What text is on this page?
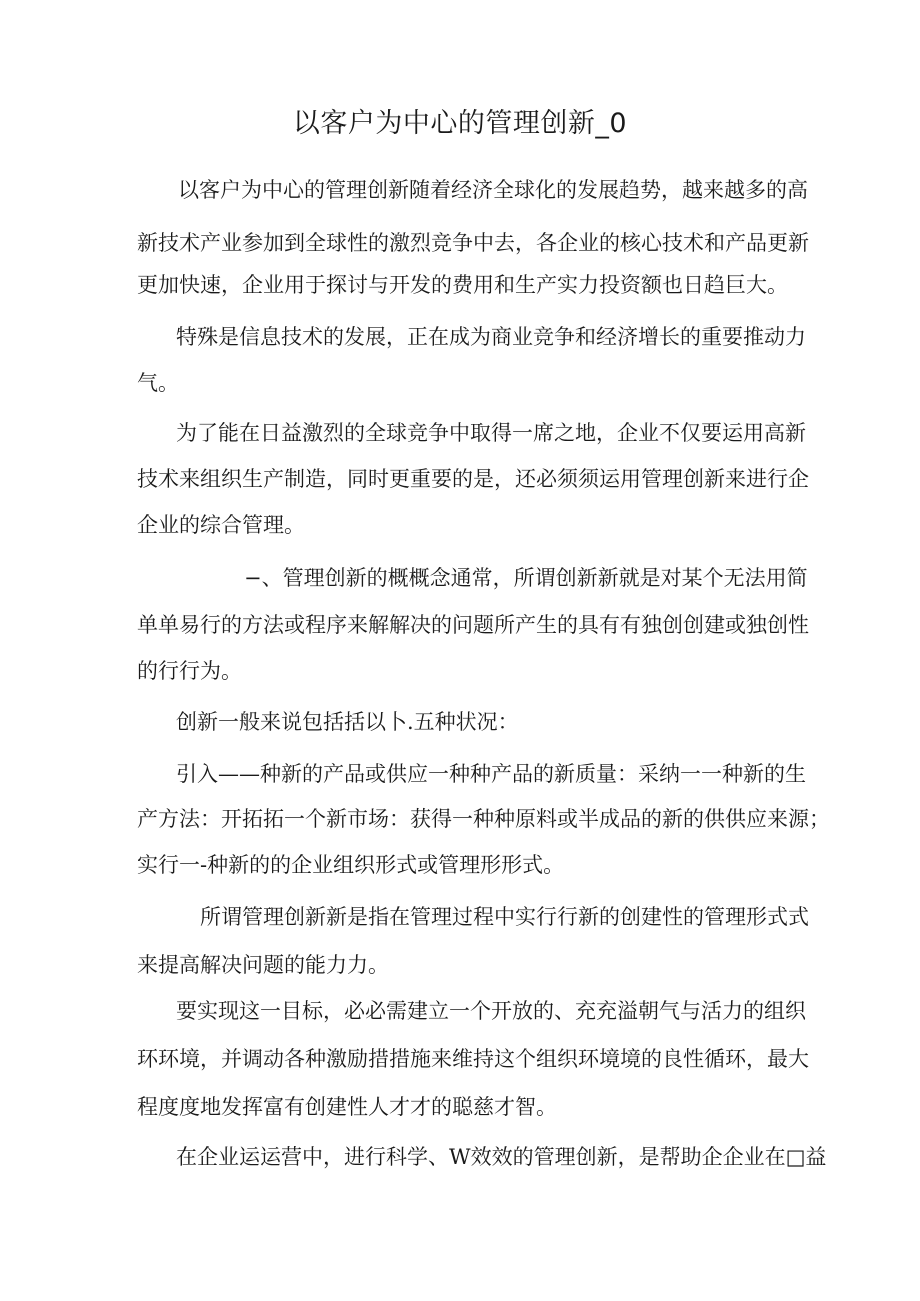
以客户为中心的管理创新_0

以客户为中心的管理创新随着经济全球化的发展趋势，越来越多的高

新技术产业参加到全球性的激烈竞争中去，各企业的核心技术和产品更新

更加快速，企业用于探讨与开发的费用和生产实力投资额也日趋巨大。

特殊是信息技术的发展，正在成为商业竞争和经济增长的重要推动力

气。

为了能在日益激烈的全球竞争中取得一席之地，企业不仅要运用高新

技术来组织生产制造，同时更重要的是，还必须须运用管理创新来进行企

企业的综合管理。

−、管理创新的概概念通常，所谓创新新就是对某个无法用简

单单易行的方法或程序来解解决的问题所产生的具有有独创创建或独创性

的行行为。

创新一般来说包括括以卜.五种状况：

引入——种新的产品或供应一种种产品的新质量：采纳一一种新的生

产方法：开拓拓一个新市场：获得一种种原料或半成品的新的供供应来源；

实行一-种新的的企业组织形式或管理形形式。

所谓管理创新新是指在管理过程中实行行新的创建性的管理形式式

来提高解决问题的能力力。

要实现这一目标，必必需建立一个开放的、充充溢朝气与活力的组织

环环境，并调动各种激励措措施来维持这个组织环境境的良性循环，最大

程度度地发挥富有创建性人才才的聪慈才智。

在企业运运营中，进行科学、W效效的管理创新，是帮助企企业在□益
